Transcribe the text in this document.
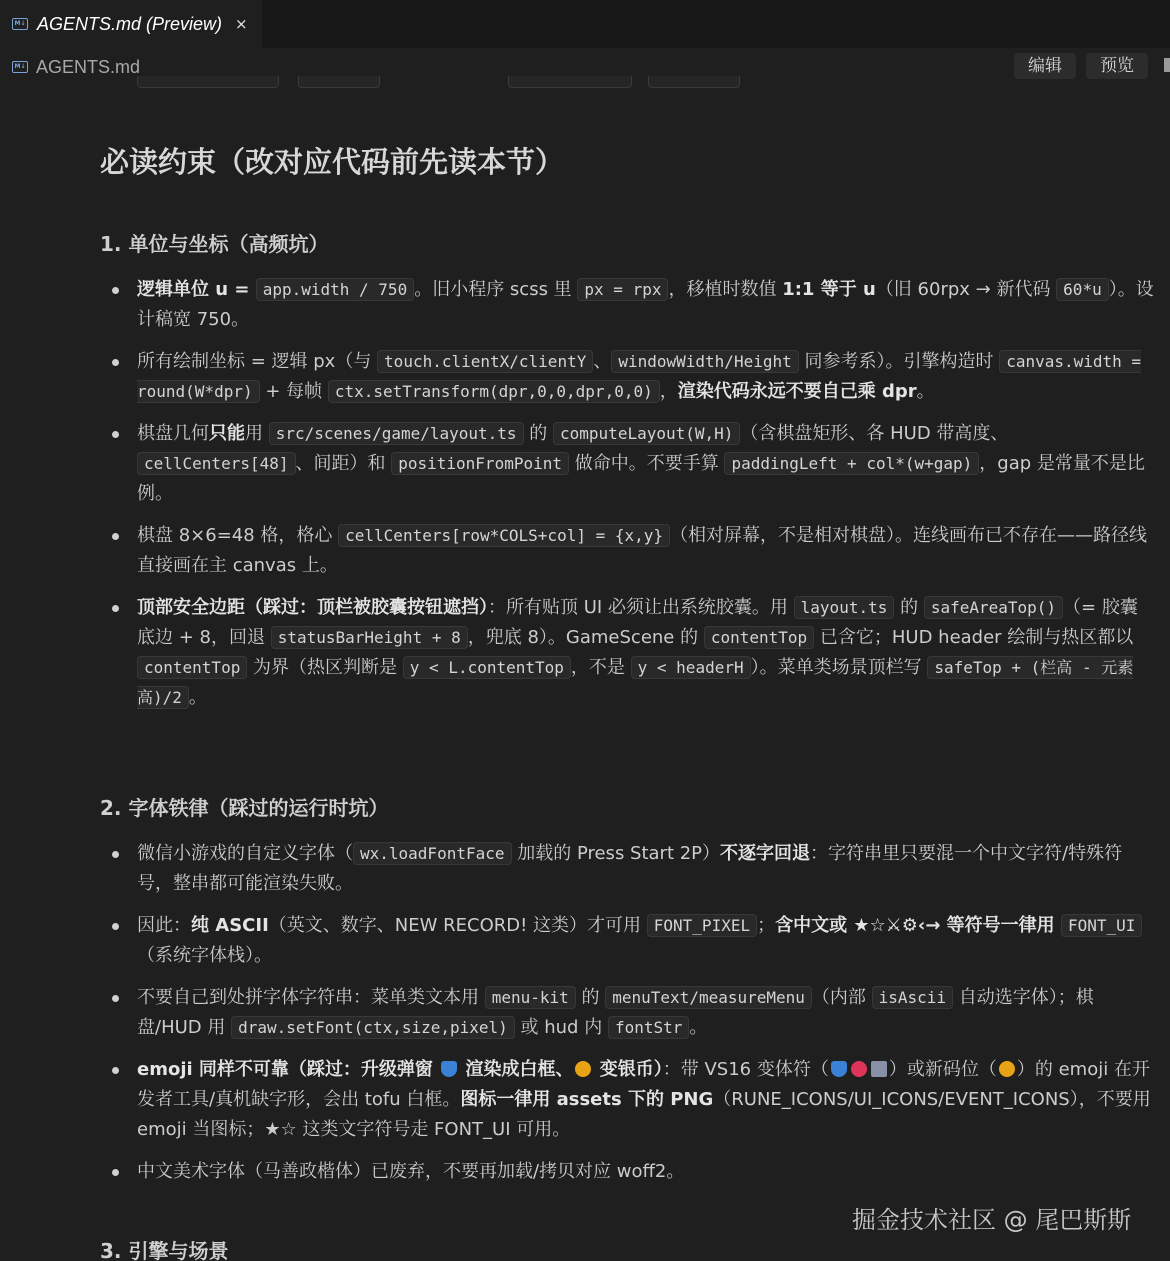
M↓ AGENTS.md (Preview) ×
M↓ AGENTS.md	编辑	预览
必读约束（改对应代码前先读本节）
1. 单位与坐标（高频坑）
逻辑单位 u = app.width / 750 。旧小程序 scss 里 px = rpx ，移植时数值 1:1 等于 u（旧 60rpx → 新代码 60*u ）。设计稿宽 750。
所有绘制坐标 = 逻辑 px（与 touch.clientX/clientY 、 windowWidth/Height 同参考系）。引擎构造时 canvas.width = round(W*dpr) + 每帧 ctx.setTransform(dpr,0,0,dpr,0,0) ，渲染代码永远不要自己乘 dpr。
棋盘几何只能用 src/scenes/game/layout.ts 的 computeLayout(W,H) （含棋盘矩形、各 HUD 带高度、cellCenters[48] 、间距）和 positionFromPoint 做命中。不要手算 paddingLeft + col*(w+gap) ，gap 是常量不是比例。
棋盘 8×6=48 格，格心 cellCenters[row*COLS+col] = {x,y} （相对屏幕，不是相对棋盘）。连线画布已不存在——路径线直接画在主 canvas 上。
顶部安全边距（踩过：顶栏被胶囊按钮遮挡）：所有贴顶 UI 必须让出系统胶囊。用 layout.ts 的 safeAreaTop() （= 胶囊底边 + 8，回退 statusBarHeight + 8 ，兜底 8）。GameScene 的 contentTop 已含它；HUD header 绘制与热区都以 contentTop 为界（热区判断是 y < L.contentTop ，不是 y < headerH ）。菜单类场景顶栏写 safeTop + (栏高 - 元素高)/2 。
2. 字体铁律（踩过的运行时坑）
微信小游戏的自定义字体（ wx.loadFontFace 加载的 Press Start 2P）不逐字回退：字符串里只要混一个中文字符/特殊符号，整串都可能渲染失败。
因此：纯 ASCII（英文、数字、NEW RECORD! 这类）才可用 FONT_PIXEL ；含中文或 ★☆⚔⚙‹→ 等符号一律用 FONT_UI（系统字体栈）。
不要自己到处拼字体字符串：菜单类文本用 menu-kit 的 menuText/measureMenu （内部 isAscii 自动选字体）；棋盘/HUD 用 draw.setFont(ctx,size,pixel) 或 hud 内 fontStr 。
emoji 同样不可靠（踩过：升级弹窗  渲染成白框、 变银币）：带 VS16 变体符（	）或新码位（ ）的 emoji 在开发者工具/真机缺字形，会出 tofu 白框。图标一律用 assets 下的 PNG（RUNE_ICONS/UI_ICONS/EVENT_ICONS），不要用 emoji 当图标；★☆ 这类文字符号走 FONT_UI 可用。
中文美术字体（马善政楷体）已废弃，不要再加载/拷贝对应 woff2。
3. 引擎与场景
掘金技术社区 @ 尾巴斯斯
